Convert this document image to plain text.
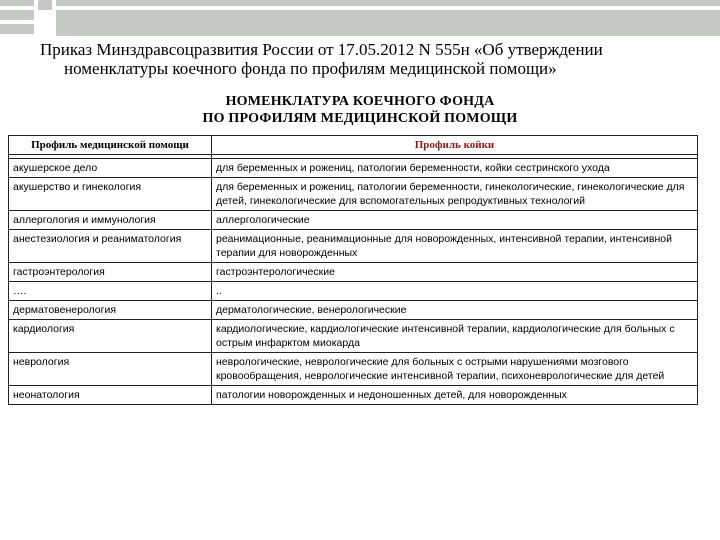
Приказ Минздравсоцразвития России от 17.05.2012 N 555н «Об утверждении
номенклатуры коечного фонда по профилям медицинской помощи»
НОМЕНКЛАТУРА КОЕЧНОГО ФОНДА
ПО ПРОФИЛЯМ МЕДИЦИНСКОЙ ПОМОЩИ
Профиль медицинской помощи	Профиль койки

акушерское дело	для беременных и рожениц, патологии беременности, койки сестринского ухода
акушерство и гинекология	для беременных и рожениц, патологии беременности, гинекологические, гинекологические для детей, гинекологические для вспомогательных репродуктивных технологий
аллергология и иммунология	аллергологические
анестезиология и реаниматология	реанимационные, реанимационные для новорожденных, интенсивной терапии, интенсивной терапии для новорожденных
гастроэнтерология	гастроэнтерологические
….	..
дерматовенерология	дерматологические, венерологические
кардиология	кардиологические, кардиологические интенсивной терапии, кардиологические для больных с острым инфарктом миокарда
неврология	неврологические, неврологические для больных с острыми нарушениями мозгового кровообращения, неврологические интенсивной терапии, психоневрологические для детей
неонатология	патологии новорожденных и недоношенных детей, для новорожденных
